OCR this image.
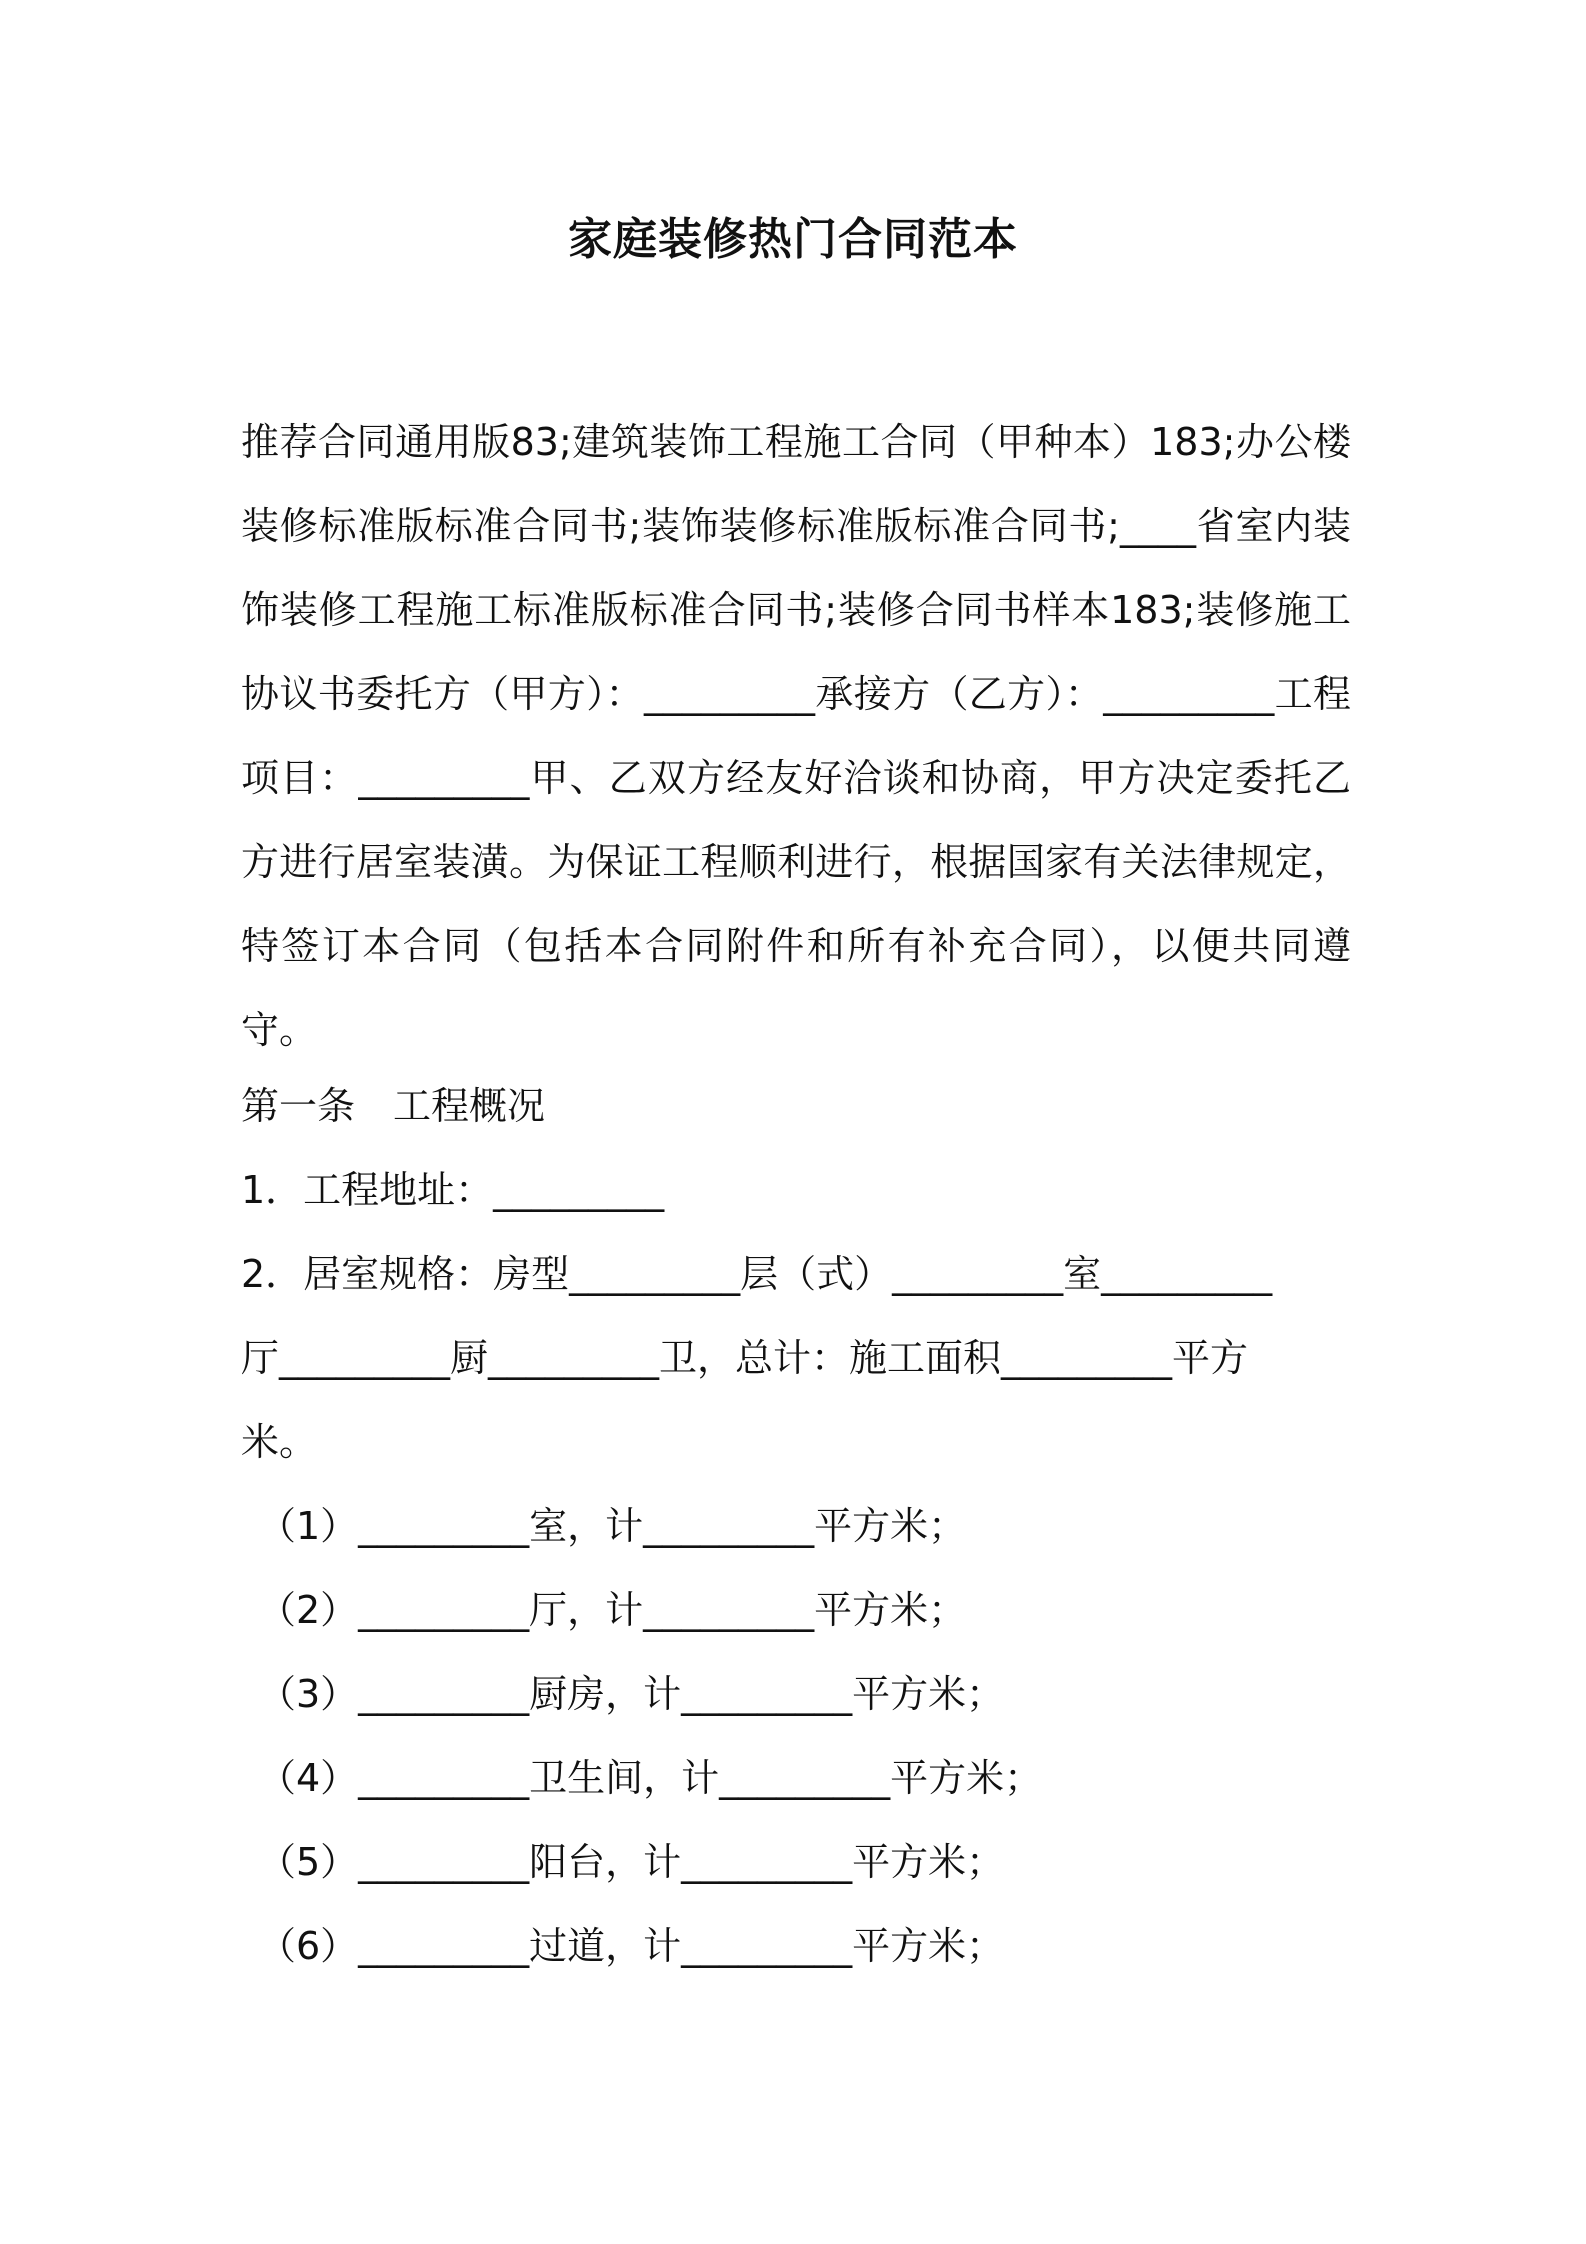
家庭装修热门合同范本

推荐合同通用版83;建筑装饰工程施工合同（甲种本）183;办公楼装修标准版标准合同书;装饰装修标准版标准合同书;____省室内装饰装修工程施工标准版标准合同书;装修合同书样本183;装修施工协议书委托方（甲方）：_________承接方（乙方）：_________工程项目：_________甲、乙双方经友好洽谈和协商，甲方决定委托乙方进行居室装潢。为保证工程顺利进行，根据国家有关法律规定，特签订本合同（包括本合同附件和所有补充合同），以便共同遵守。

第一条　工程概况
1．工程地址：_________
2．居室规格：房型_________层（式）_________室_________
厅_________厨_________卫，总计：施工面积_________平方
米。
（1）_________室，计_________平方米；
（2）_________厅，计_________平方米；
（3）_________厨房，计_________平方米；
（4）_________卫生间，计_________平方米；
（5）_________阳台，计_________平方米；
（6）_________过道，计_________平方米；
